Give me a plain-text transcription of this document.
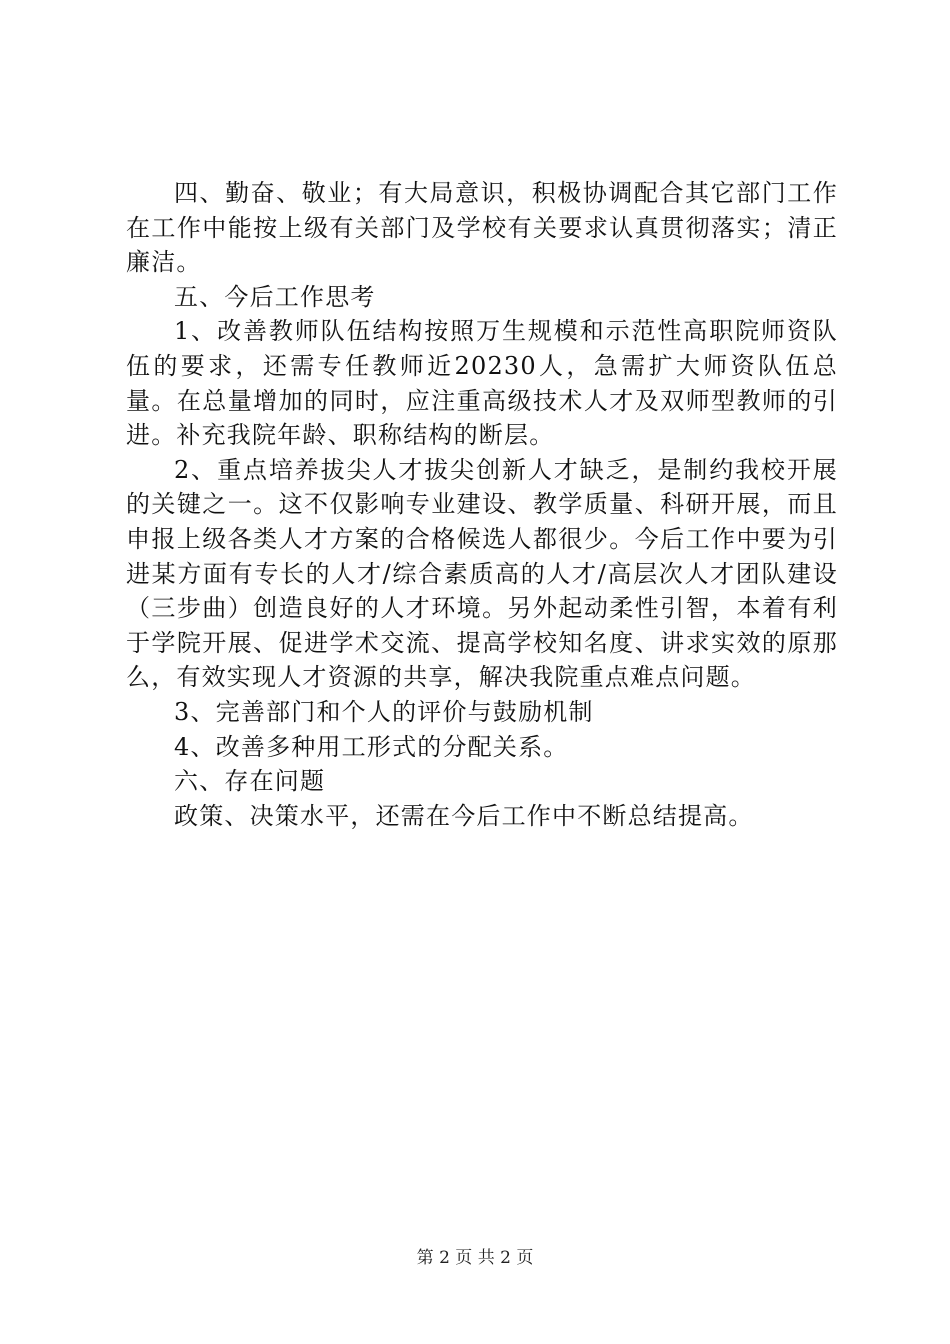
四、勤奋、敬业；有大局意识，积极协调配合其它部门工作在工作中能按上级有关部门及学校有关要求认真贯彻落实；清正廉洁。

五、今后工作思考

1、改善教师队伍结构按照万生规模和示范性高职院师资队伍的要求，还需专任教师近20230人，急需扩大师资队伍总量。在总量增加的同时，应注重高级技术人才及双师型教师的引进。补充我院年龄、职称结构的断层。

2、重点培养拔尖人才拔尖创新人才缺乏，是制约我校开展的关键之一。这不仅影响专业建设、教学质量、科研开展，而且申报上级各类人才方案的合格候选人都很少。今后工作中要为引进某方面有专长的人才/综合素质高的人才/高层次人才团队建设（三步曲）创造良好的人才环境。另外起动柔性引智，本着有利于学院开展、促进学术交流、提高学校知名度、讲求实效的原那么，有效实现人才资源的共享，解决我院重点难点问题。

3、完善部门和个人的评价与鼓励机制

4、改善多种用工形式的分配关系。

六、存在问题

政策、决策水平，还需在今后工作中不断总结提高。

第 2 页 共 2 页
